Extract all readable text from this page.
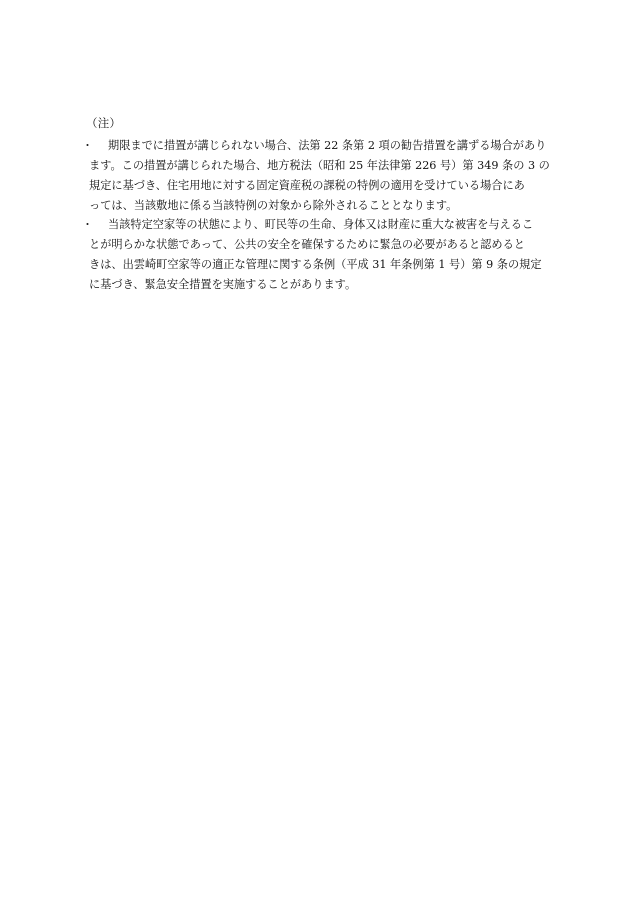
（注）
・ 期限までに措置が講じられない場合、法第 22 条第 2 項の勧告措置を講ずる場合があり
ます。この措置が講じられた場合、地方税法（昭和 25 年法律第 226 号）第 349 条の 3 の
規定に基づき、住宅用地に対する固定資産税の課税の特例の適用を受けている場合にあ
っては、当該敷地に係る当該特例の対象から除外されることとなります。
・ 当該特定空家等の状態により、町民等の生命、身体又は財産に重大な被害を与えるこ
とが明らかな状態であって、公共の安全を確保するために緊急の必要があると認めると
きは、出雲崎町空家等の適正な管理に関する条例（平成 31 年条例第 1 号）第 9 条の規定
に基づき、緊急安全措置を実施することがあります。
